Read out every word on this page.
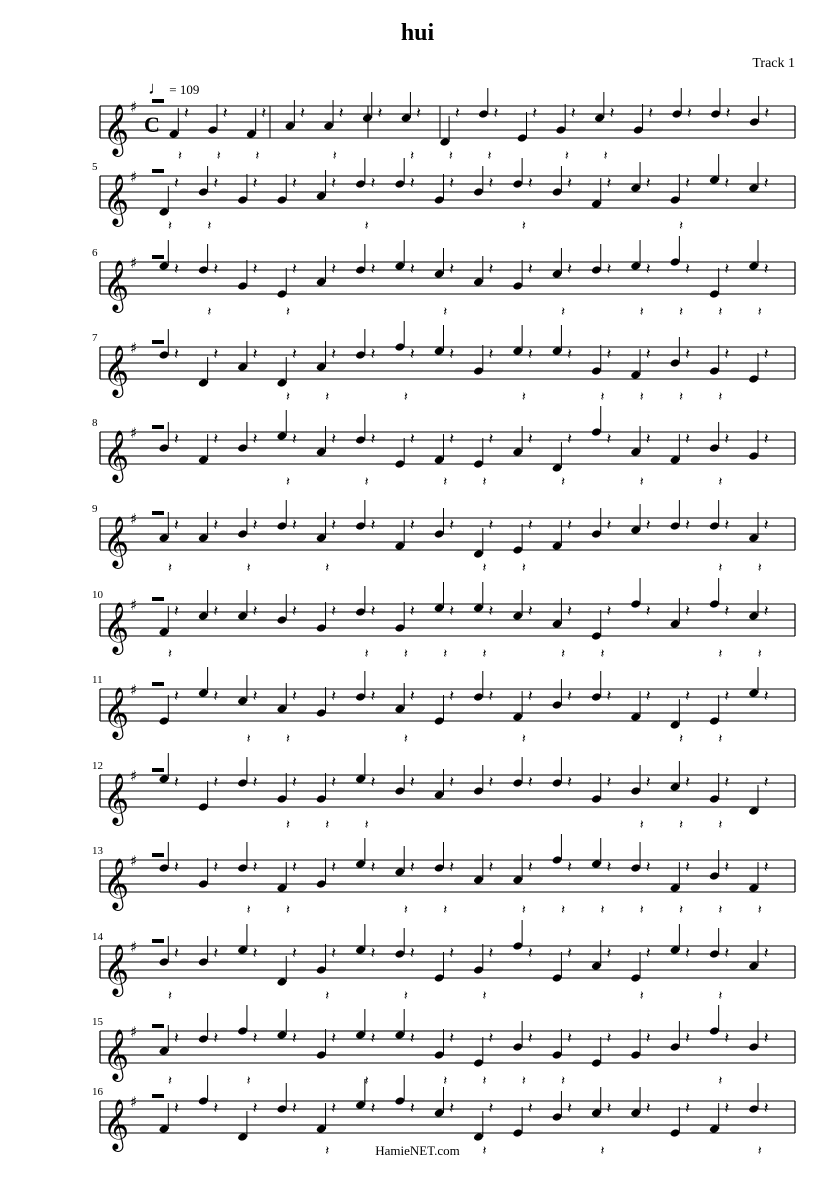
hui
Track 1
♩ = 109
𝄞 ♯
C 𝄽
𝄽
𝄽
𝄽
𝄽
𝄽
𝄽 𝄽
𝄽
𝄽 𝄽
𝄽
𝄽
𝄽
𝄽
𝄽
𝄽 𝄽
𝄽
𝄽
𝄽
𝄽 𝄽 𝄽 𝄽
𝄞 ♯
5
𝄽
𝄽
𝄽
𝄽
𝄽 𝄽 𝄽 𝄽
𝄽
𝄽 𝄽 𝄽 𝄽
𝄽
𝄽 𝄽 𝄽 𝄽
𝄽
𝄽 𝄽
𝄞 ♯
6
𝄽 𝄽
𝄽
𝄽 𝄽
𝄽
𝄽 𝄽 𝄽 𝄽
𝄽
𝄽 𝄽 𝄽
𝄽
𝄽 𝄽
𝄽
𝄽
𝄽
𝄽
𝄽
𝄽
𝄽
𝄞 ♯
7
𝄽 𝄽 𝄽 𝄽
𝄽
𝄽
𝄽
𝄽 𝄽
𝄽
𝄽 𝄽 𝄽
𝄽
𝄽 𝄽
𝄽
𝄽
𝄽
𝄽
𝄽
𝄽
𝄽
𝄽
𝄞 ♯
8
𝄽 𝄽 𝄽 𝄽
𝄽
𝄽 𝄽
𝄽
𝄽 𝄽
𝄽
𝄽
𝄽
𝄽 𝄽
𝄽
𝄽 𝄽
𝄽
𝄽 𝄽
𝄽
𝄽
𝄞 ♯
9
𝄽
𝄽
𝄽 𝄽
𝄽
𝄽 𝄽
𝄽
𝄽 𝄽 𝄽 𝄽
𝄽
𝄽
𝄽
𝄽 𝄽 𝄽 𝄽 𝄽
𝄽
𝄽
𝄽
𝄞 ♯
10
𝄽
𝄽
𝄽 𝄽 𝄽 𝄽 𝄽
𝄽
𝄽
𝄽
𝄽
𝄽
𝄽
𝄽
𝄽 𝄽
𝄽
𝄽
𝄽
𝄽 𝄽 𝄽
𝄽
𝄽
𝄽
𝄞 ♯
11
𝄽 𝄽 𝄽
𝄽
𝄽
𝄽
𝄽 𝄽 𝄽
𝄽
𝄽 𝄽 𝄽
𝄽
𝄽 𝄽 𝄽 𝄽
𝄽
𝄽
𝄽
𝄽
𝄞 ♯
12
𝄽 𝄽 𝄽 𝄽
𝄽
𝄽
𝄽
𝄽
𝄽
𝄽 𝄽 𝄽 𝄽 𝄽 𝄽 𝄽
𝄽
𝄽
𝄽
𝄽
𝄽
𝄽
𝄞 ♯
13
𝄽 𝄽 𝄽
𝄽
𝄽
𝄽
𝄽 𝄽 𝄽
𝄽
𝄽
𝄽
𝄽 𝄽
𝄽
𝄽
𝄽
𝄽
𝄽
𝄽
𝄽
𝄽
𝄽
𝄽
𝄽
𝄽
𝄽
𝄞 ♯
14
𝄽
𝄽
𝄽 𝄽 𝄽 𝄽
𝄽
𝄽 𝄽
𝄽
𝄽 𝄽
𝄽
𝄽 𝄽 𝄽 𝄽
𝄽
𝄽 𝄽
𝄽
𝄽
𝄞 ♯
15
𝄽
𝄽
𝄽 𝄽
𝄽
𝄽 𝄽 𝄽
𝄽
𝄽 𝄽
𝄽
𝄽
𝄽
𝄽
𝄽
𝄽
𝄽
𝄽 𝄽 𝄽 𝄽
𝄽
𝄽
𝄞 ♯
16
𝄽 𝄽 𝄽 𝄽 𝄽
𝄽
𝄽 𝄽 𝄽 𝄽
𝄽
𝄽 𝄽 𝄽
𝄽
𝄽 𝄽 𝄽 𝄽
𝄽
HamieNET.com
